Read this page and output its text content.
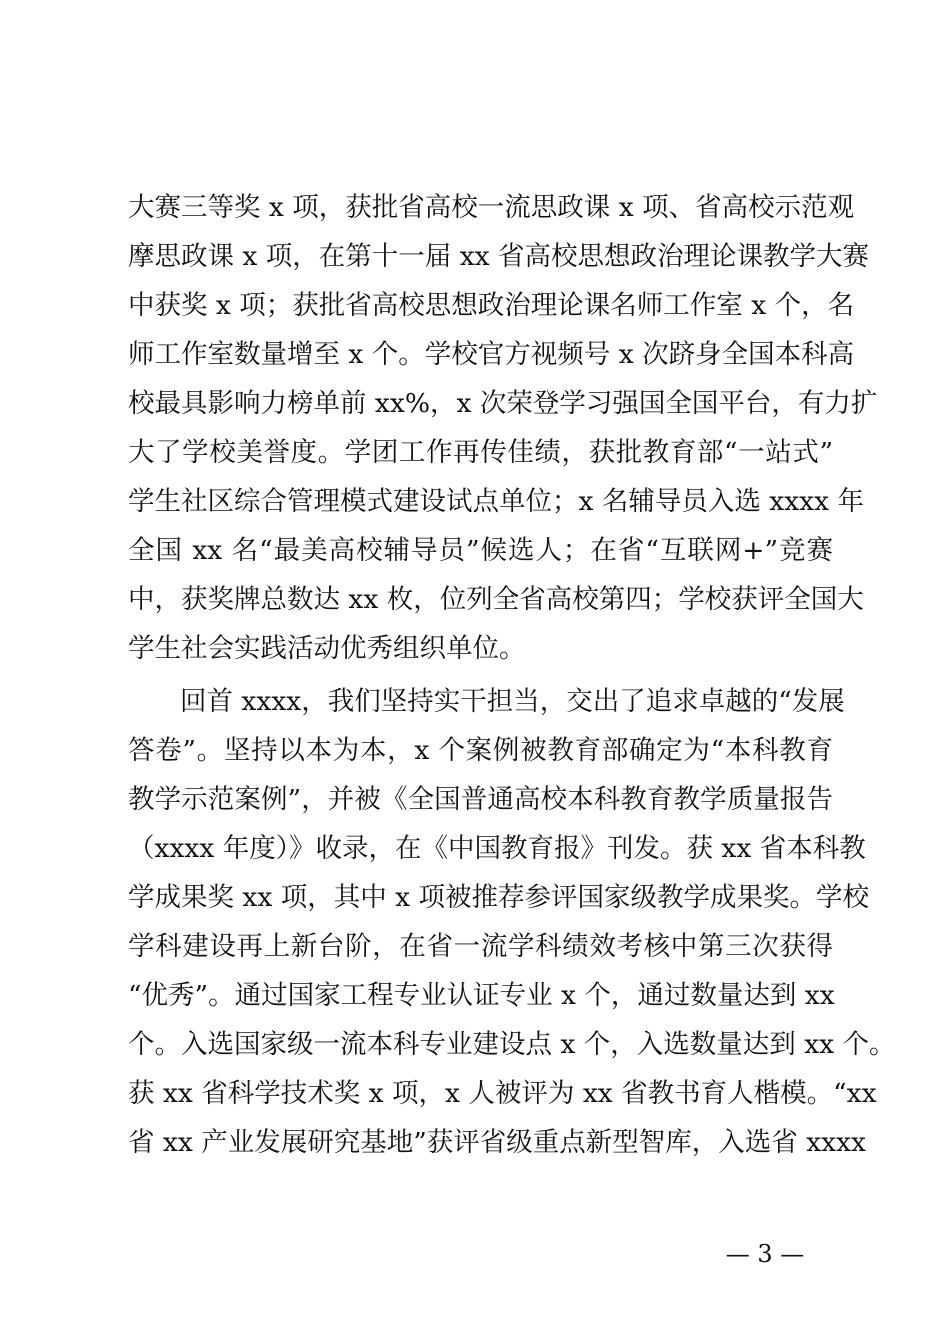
大赛三等奖 x 项，获批省高校一流思政课 x 项、省高校示范观
摩思政课 x 项，在第十一届 xx 省高校思想政治理论课教学大赛
中获奖 x 项；获批省高校思想政治理论课名师工作室 x 个，名
师工作室数量增至 x 个。学校官方视频号 x 次跻身全国本科高
校最具影响力榜单前 xx%，x 次荣登学习强国全国平台，有力扩
大了学校美誉度。学团工作再传佳绩，获批教育部“一站式”
学生社区综合管理模式建设试点单位；x 名辅导员入选 xxxx 年
全国 xx 名“最美高校辅导员”候选人；在省“互联网+”竞赛
中，获奖牌总数达 xx 枚，位列全省高校第四；学校获评全国大
学生社会实践活动优秀组织单位。
回首 xxxx，我们坚持实干担当，交出了追求卓越的“发展
答卷”。坚持以本为本，x 个案例被教育部确定为“本科教育
教学示范案例”，并被《全国普通高校本科教育教学质量报告
（xxxx 年度）》收录，在《中国教育报》刊发。获 xx 省本科教
学成果奖 xx 项，其中 x 项被推荐参评国家级教学成果奖。学校
学科建设再上新台阶，在省一流学科绩效考核中第三次获得
“优秀”。通过国家工程专业认证专业 x 个，通过数量达到 xx
个。入选国家级一流本科专业建设点 x 个，入选数量达到 xx 个。
获 xx 省科学技术奖 x 项，x 人被评为 xx 省教书育人楷模。“xx
省 xx 产业发展研究基地”获评省级重点新型智库，入选省 xxxx
— 3 —
